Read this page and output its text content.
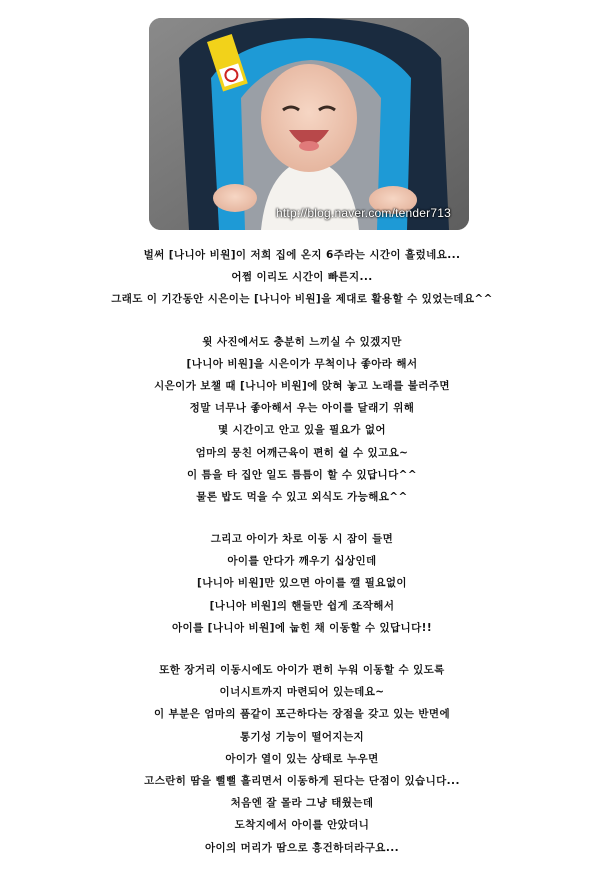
http://blog.naver.com/tender713
벌써 [나니아 비원]이 저희 집에 온지 6주라는 시간이 흘렀네요...
어쩜 이리도 시간이 빠른지...
그래도 이 기간동안 시은이는 [나니아 비원]을 제대로 활용할 수 있었는데요^^
윗 사진에서도 충분히 느끼실 수 있겠지만
[나니아 비원]을 시은이가 무척이나 좋아라 해서
시은이가 보챌 때 [나니아 비원]에 앉혀 놓고 노래를 불러주면
정말 너무나 좋아해서 우는 아이를 달래기 위해
몇 시간이고 안고 있을 필요가 없어
엄마의 뭉친 어깨근육이 편히 쉴 수 있고요~
이 틈을 타 집안 일도 틈틈이 할 수 있답니다^^
물론 밥도 먹을 수 있고 외식도 가능해요^^
그리고 아이가 차로 이동 시 잠이 들면
아이를 안다가 깨우기 십상인데
[나니아 비원]만 있으면 아이를 깰 필요없이
[나니아 비원]의 핸들만 쉽게 조작해서
아이를 [나니아 비원]에 눕힌 채 이동할 수 있답니다!!
또한 장거리 이동시에도 아이가 편히 누워 이동할 수 있도록
이너시트까지 마련되어 있는데요~
이 부분은 엄마의 품같이 포근하다는 장점을 갖고 있는 반면에
통기성 기능이 떨어지는지
아이가 열이 있는 상태로 누우면
고스란히 땀을 뻘뻘 흘리면서 이동하게 된다는 단점이 있습니다...
처음엔 잘 몰라 그냥 태웠는데
도착지에서 아이를 안았더니
아이의 머리가 땀으로 흥건하더라구요...
